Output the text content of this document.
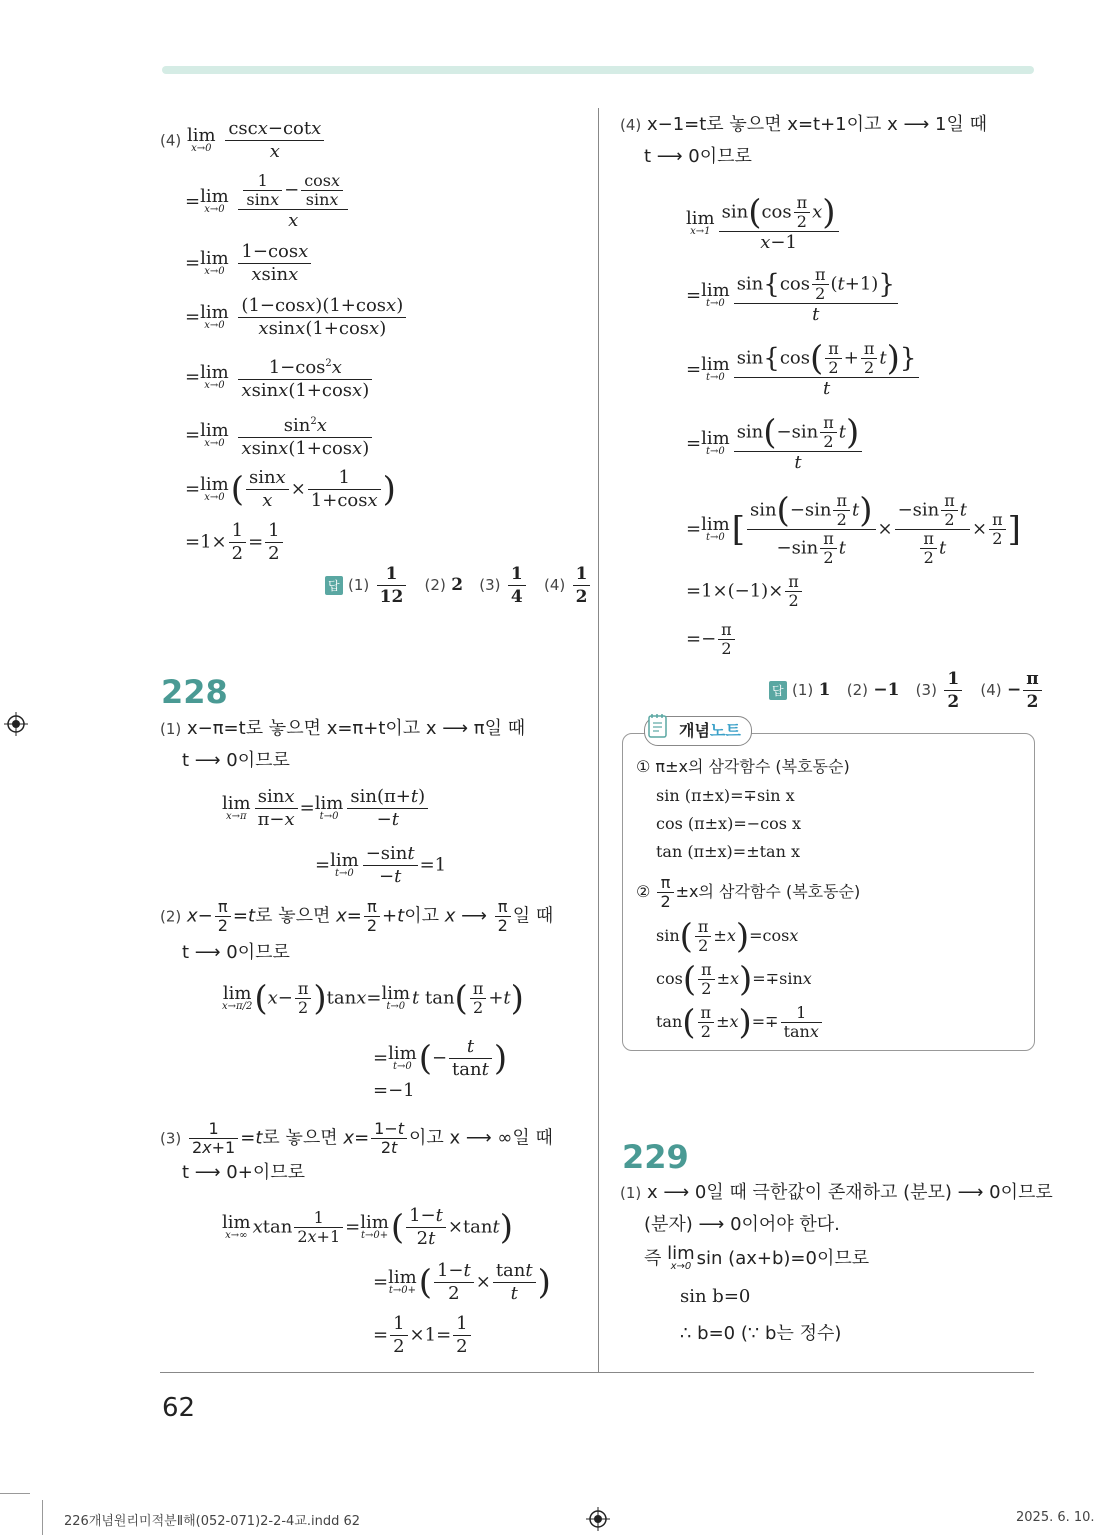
62
226개념원리미적분Ⅱ해(052-071)2-2-4교.indd 62	2025. 6. 10.
(4) lim
x→0
$\frac{\csc x-\cot x}{x}$
= lim
x→0
$\frac{\frac{1}{\sin x} - \frac{\cos x}{\sin x}}{x}$
= lim
x→0
$\frac{1-\cos x}{xsinx}$
= lim
x→0
$\frac{(1-\cos x)(1+\cos x)}{xsinx(1+\cos x)}$
= lim
x→0
$\frac{1-\cos^2x}{xsinx(1+\cos x)}$
= lim
x→0
$\frac{\sin^2x}{xsinx(1+\cos x)}$
= lim
x→0 ( $\frac{\sin x}{x} \times \frac{1}{1+\cos x}$ )
$=1\times \frac{1}{2} = \frac{1}{2}$
답 $(1) \frac{1}{12} (2)$ 2 $(3) \frac{1}{4} (4) \frac{1}{2}$
228
(1) x−π=t로 놓으면 x=π+t이고 x ⟶ π일 때
t ⟶ 0이므로
lim
$x\to\pi \frac{\sin x}{\pi-x} = \lim$
$t\to 0 \frac{\sin(\pi+t)}{-t}$
= lim
$t\to 0 \frac{-\sin t}{-t} =1$
(2) $x- \frac{\pi}{2} =t$로 놓으면 $x= \frac{\pi}{2} +t$이고 x ⟶ $\frac{\pi}{2}$ 일 때
t ⟶ 0이므로
lim
x→π/2 $(x- \frac{\pi}{2} )\tan x= \lim$
t→0 t $\tan( \frac{\pi}{2} +t)$
= lim
t→0 (− $\frac{t}{\tan t}$ )
=−1
$(3) \frac{1}{2x+1} =t$로 놓으면 $x= \frac{1-t}{2t}$ 이고 x ⟶ ∞일 때
t ⟶ 0+이므로
lim
x→∞ xtan $\frac{1}{2x+1} = \lim$
t→0+ ( $\frac{1-t}{2t} \times\tan t$)
= lim
t→0+ ( $\frac{1-t}{2} \times \frac{\tan t}{t}$ )
= $\frac{1}{2} \times 1= \frac{1}{2}$
(4) x−1=t로 놓으면 x=t+1이고 x ⟶ 1일 때
t ⟶ 0이므로
lim
$x\to 1 \frac{\sin(\cos \frac{\pi}{2} x)}{x-1}$
= lim
$t\to 0 \frac{\sin\{\cos \frac{\pi}{2} (t+1)\}}{t}$
= lim
$t\to 0 \frac{\sin\{\cos( \frac{\pi}{2} + \frac{\pi}{2} t)\}}{t}$
= lim
$t\to 0 \frac{\sin(-\sin \frac{\pi}{2} t)}{t}$
= lim
t→0 [ $\frac{\sin(-\sin \frac{\pi}{2} t)}{-\sin \frac{\pi}{2} t} \times \frac{-\sin \frac{\pi}{2} t}{\frac{\pi}{2} t} \times \frac{\pi}{2}$ ]
$=1\times(-1)\times \frac{\pi}{2}$
=− $\frac{\pi}{2}$
답 (1) 1 (2) −1 $(3) \frac{1}{2} (4) - \frac{\pi}{2}$
개념노트
① π±x의 삼각함수 (복호동순)
sin (π±x)=∓sin x
cos (π±x)=−cos x
tan (π±x)=±tan x
② $\frac{\pi}{2} \pm x$의 삼각함수 (복호동순)
$\sin( \frac{\pi}{2} \pm x)=\cos x$
$\cos( \frac{\pi}{2} \pm x)=\mp\sin x$
$\tan( \frac{\pi}{2} \pm x)=\mp \frac{1}{\tan x}$
229
(1) x ⟶ 0일 때 극한값이 존재하고 (분모) ⟶ 0이므로
(분자) ⟶ 0이어야 한다.
즉 lim
x→0 sin (ax+b)=0이므로
sin b=0
∴ b=0 (∵ b는 정수)
